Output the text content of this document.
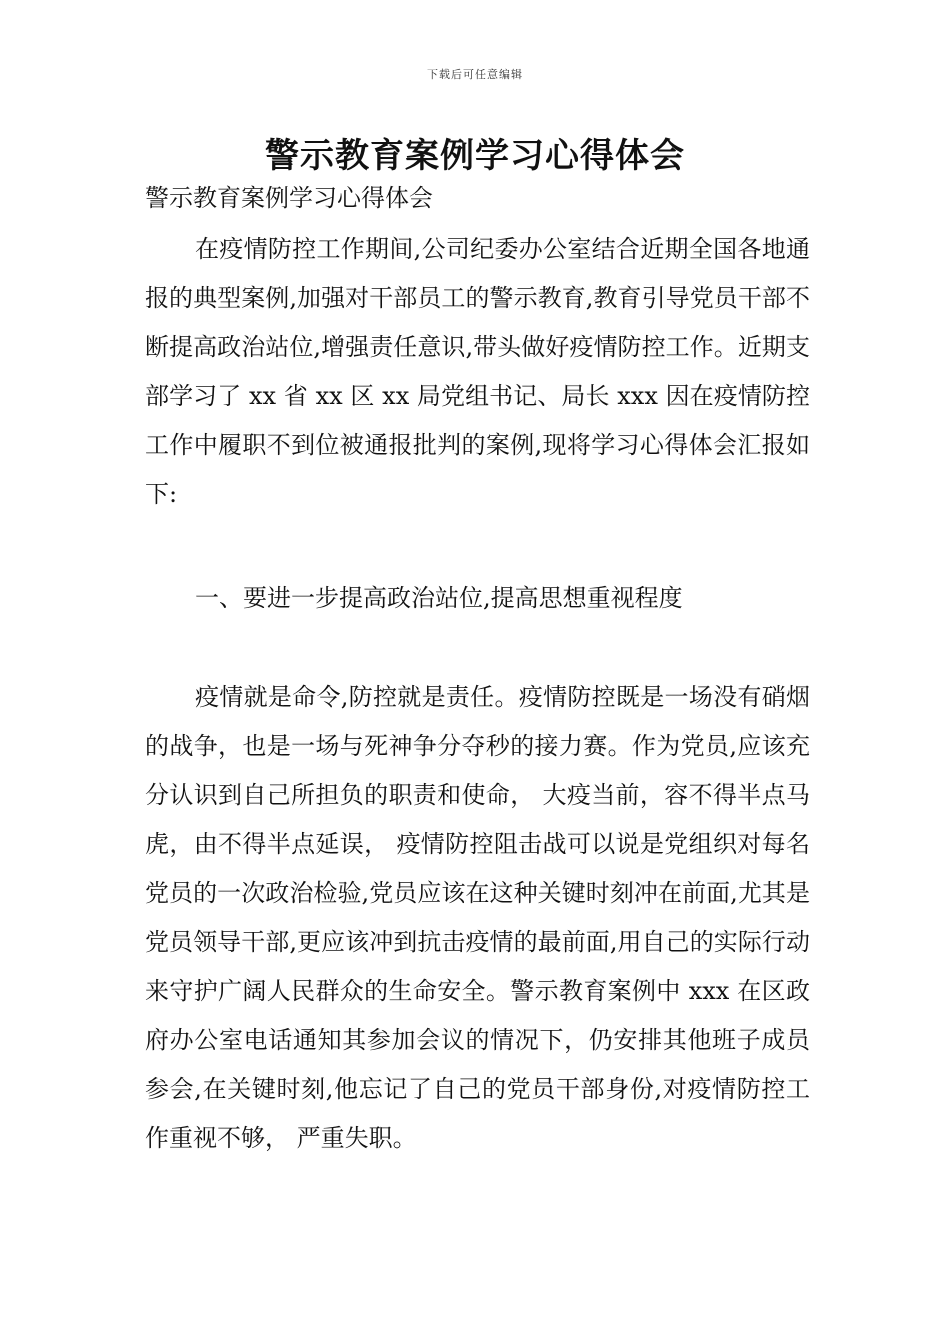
下载后可任意编辑
警示教育案例学习心得体会

警示教育案例学习心得体会

在疫情防控工作期间,公司纪委办公室结合近期全国各地通报的典型案例,加强对干部员工的警示教育,教育引导党员干部不断提高政治站位,增强责任意识,带头做好疫情防控工作。近期支部学习了 xx 省 xx 区 xx 局党组书记、局长 xxx 因在疫情防控工作中履职不到位被通报批判的案例,现将学习心得体会汇报如下:

一、要进一步提高政治站位,提高思想重视程度

疫情就是命令,防控就是责任。疫情防控既是一场没有硝烟的战争，也是一场与死神争分夺秒的接力赛。作为党员,应该充分认识到自己所担负的职责和使命， 大疫当前，容不得半点马虎，由不得半点延误， 疫情防控阻击战可以说是党组织对每名党员的一次政治检验,党员应该在这种关键时刻冲在前面,尤其是党员领导干部,更应该冲到抗击疫情的最前面,用自己的实际行动来守护广阔人民群众的生命安全。警示教育案例中 xxx 在区政府办公室电话通知其参加会议的情况下，仍安排其他班子成员参会,在关键时刻,他忘记了自己的党员干部身份,对疫情防控工作重视不够， 严重失职。
